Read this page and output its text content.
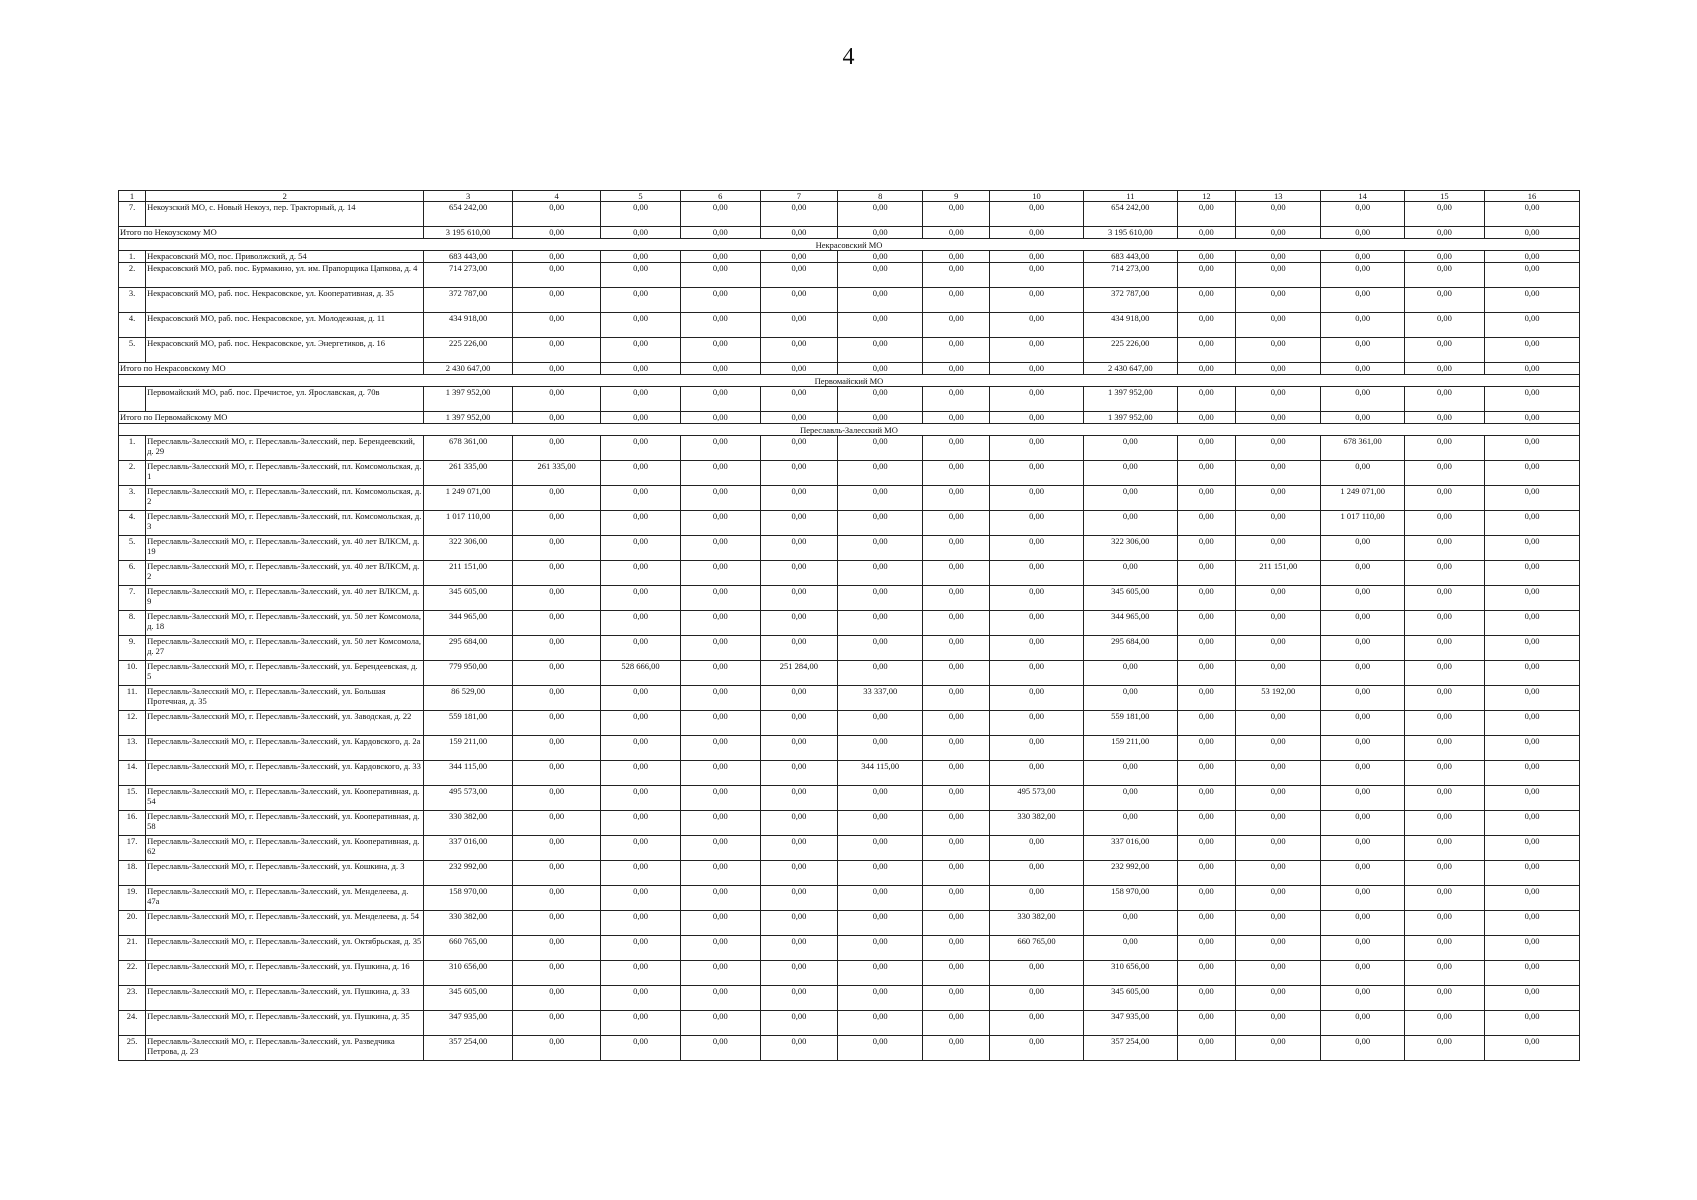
4
1	2	3	4	5	6	7	8	9	10	11	12	13	14	15	16
7.	Некоузский МО, с. Новый Некоуз, пер. Тракторный, д. 14	654 242,00	0,00	0,00	0,00	0,00	0,00	0,00	0,00	654 242,00	0,00	0,00	0,00	0,00	0,00
Итого по Некоузскому МО		3 195 610,00	0,00	0,00	0,00	0,00	0,00	0,00	0,00	3 195 610,00	0,00	0,00	0,00	0,00	0,00
Некрасовский МО															
1.	Некрасовский МО, пос. Приволжский, д. 54	683 443,00	0,00	0,00	0,00	0,00	0,00	0,00	0,00	683 443,00	0,00	0,00	0,00	0,00	0,00
2.	Некрасовский МО, раб. пос. Бурмакино, ул. им. Прапорщика Цапкова, д. 4	714 273,00	0,00	0,00	0,00	0,00	0,00	0,00	0,00	714 273,00	0,00	0,00	0,00	0,00	0,00
3.	Некрасовский МО, раб. пос. Некрасовское, ул. Кооперативная, д. 35	372 787,00	0,00	0,00	0,00	0,00	0,00	0,00	0,00	372 787,00	0,00	0,00	0,00	0,00	0,00
4.	Некрасовский МО, раб. пос. Некрасовское, ул. Молодежная, д. 11	434 918,00	0,00	0,00	0,00	0,00	0,00	0,00	0,00	434 918,00	0,00	0,00	0,00	0,00	0,00
5.	Некрасовский МО, раб. пос. Некрасовское, ул. Энергетиков, д. 16	225 226,00	0,00	0,00	0,00	0,00	0,00	0,00	0,00	225 226,00	0,00	0,00	0,00	0,00	0,00
Итого по Некрасовскому МО		2 430 647,00	0,00	0,00	0,00	0,00	0,00	0,00	0,00	2 430 647,00	0,00	0,00	0,00	0,00	0,00
Первомайский МО															
	Первомайский МО, раб. пос. Пречистое, ул. Ярославская, д. 70в	1 397 952,00	0,00	0,00	0,00	0,00	0,00	0,00	0,00	1 397 952,00	0,00	0,00	0,00	0,00	0,00
Итого по Первомайскому МО		1 397 952,00	0,00	0,00	0,00	0,00	0,00	0,00	0,00	1 397 952,00	0,00	0,00	0,00	0,00	0,00
Переславль-Залесский МО															
1.	Переславль-Залесский МО, г. Переславль-Залесский, пер. Берендеевский, д. 29	678 361,00	0,00	0,00	0,00	0,00	0,00	0,00	0,00	0,00	0,00	0,00	678 361,00	0,00	0,00
2.	Переславль-Залесский МО, г. Переславль-Залесский, пл. Комсомольская, д. 1	261 335,00	261 335,00	0,00	0,00	0,00	0,00	0,00	0,00	0,00	0,00	0,00	0,00	0,00	0,00
3.	Переславль-Залесский МО, г. Переславль-Залесский, пл. Комсомольская, д. 2	1 249 071,00	0,00	0,00	0,00	0,00	0,00	0,00	0,00	0,00	0,00	0,00	1 249 071,00	0,00	0,00
4.	Переславль-Залесский МО, г. Переславль-Залесский, пл. Комсомольская, д. 3	1 017 110,00	0,00	0,00	0,00	0,00	0,00	0,00	0,00	0,00	0,00	0,00	1 017 110,00	0,00	0,00
5.	Переславль-Залесский МО, г. Переславль-Залесский, ул. 40 лет ВЛКСМ, д. 19	322 306,00	0,00	0,00	0,00	0,00	0,00	0,00	0,00	322 306,00	0,00	0,00	0,00	0,00	0,00
6.	Переславль-Залесский МО, г. Переславль-Залесский, ул. 40 лет ВЛКСМ, д. 2	211 151,00	0,00	0,00	0,00	0,00	0,00	0,00	0,00	0,00	0,00	211 151,00	0,00	0,00	0,00
7.	Переславль-Залесский МО, г. Переславль-Залесский, ул. 40 лет ВЛКСМ, д. 9	345 605,00	0,00	0,00	0,00	0,00	0,00	0,00	0,00	345 605,00	0,00	0,00	0,00	0,00	0,00
8.	Переславль-Залесский МО, г. Переславль-Залесский, ул. 50 лет Комсомола, д. 18	344 965,00	0,00	0,00	0,00	0,00	0,00	0,00	0,00	344 965,00	0,00	0,00	0,00	0,00	0,00
9.	Переславль-Залесский МО, г. Переславль-Залесский, ул. 50 лет Комсомола, д. 27	295 684,00	0,00	0,00	0,00	0,00	0,00	0,00	0,00	295 684,00	0,00	0,00	0,00	0,00	0,00
10.	Переславль-Залесский МО, г. Переславль-Залесский, ул. Берендеевская, д. 5	779 950,00	0,00	528 666,00	0,00	251 284,00	0,00	0,00	0,00	0,00	0,00	0,00	0,00	0,00	0,00
11.	Переславль-Залесский МО, г. Переславль-Залесский, ул. Большая Протечная, д. 35	86 529,00	0,00	0,00	0,00	0,00	33 337,00	0,00	0,00	0,00	0,00	53 192,00	0,00	0,00	0,00
12.	Переславль-Залесский МО, г. Переславль-Залесский, ул. Заводская, д. 22	559 181,00	0,00	0,00	0,00	0,00	0,00	0,00	0,00	559 181,00	0,00	0,00	0,00	0,00	0,00
13.	Переславль-Залесский МО, г. Переславль-Залесский, ул. Кардовского, д. 2а	159 211,00	0,00	0,00	0,00	0,00	0,00	0,00	0,00	159 211,00	0,00	0,00	0,00	0,00	0,00
14.	Переславль-Залесский МО, г. Переславль-Залесский, ул. Кардовского, д. 33	344 115,00	0,00	0,00	0,00	0,00	344 115,00	0,00	0,00	0,00	0,00	0,00	0,00	0,00	0,00
15.	Переславль-Залесский МО, г. Переславль-Залесский, ул. Кооперативная, д. 54	495 573,00	0,00	0,00	0,00	0,00	0,00	0,00	495 573,00	0,00	0,00	0,00	0,00	0,00	0,00
16.	Переславль-Залесский МО, г. Переславль-Залесский, ул. Кооперативная, д. 58	330 382,00	0,00	0,00	0,00	0,00	0,00	0,00	330 382,00	0,00	0,00	0,00	0,00	0,00	0,00
17.	Переславль-Залесский МО, г. Переславль-Залесский, ул. Кооперативная, д. 62	337 016,00	0,00	0,00	0,00	0,00	0,00	0,00	0,00	337 016,00	0,00	0,00	0,00	0,00	0,00
18.	Переславль-Залесский МО, г. Переславль-Залесский, ул. Кошкина, д. 3	232 992,00	0,00	0,00	0,00	0,00	0,00	0,00	0,00	232 992,00	0,00	0,00	0,00	0,00	0,00
19.	Переславль-Залесский МО, г. Переславль-Залесский, ул. Менделеева, д. 47а	158 970,00	0,00	0,00	0,00	0,00	0,00	0,00	0,00	158 970,00	0,00	0,00	0,00	0,00	0,00
20.	Переславль-Залесский МО, г. Переславль-Залесский, ул. Менделеева, д. 54	330 382,00	0,00	0,00	0,00	0,00	0,00	0,00	330 382,00	0,00	0,00	0,00	0,00	0,00	0,00
21.	Переславль-Залесский МО, г. Переславль-Залесский, ул. Октябрьская, д. 35	660 765,00	0,00	0,00	0,00	0,00	0,00	0,00	660 765,00	0,00	0,00	0,00	0,00	0,00	0,00
22.	Переславль-Залесский МО, г. Переславль-Залесский, ул. Пушкина, д. 16	310 656,00	0,00	0,00	0,00	0,00	0,00	0,00	0,00	310 656,00	0,00	0,00	0,00	0,00	0,00
23.	Переславль-Залесский МО, г. Переславль-Залесский, ул. Пушкина, д. 33	345 605,00	0,00	0,00	0,00	0,00	0,00	0,00	0,00	345 605,00	0,00	0,00	0,00	0,00	0,00
24.	Переславль-Залесский МО, г. Переславль-Залесский, ул. Пушкина, д. 35	347 935,00	0,00	0,00	0,00	0,00	0,00	0,00	0,00	347 935,00	0,00	0,00	0,00	0,00	0,00
25.	Переславль-Залесский МО, г. Переславль-Залесский, ул. Разведчика Петрова, д. 23	357 254,00	0,00	0,00	0,00	0,00	0,00	0,00	0,00	357 254,00	0,00	0,00	0,00	0,00	0,00
